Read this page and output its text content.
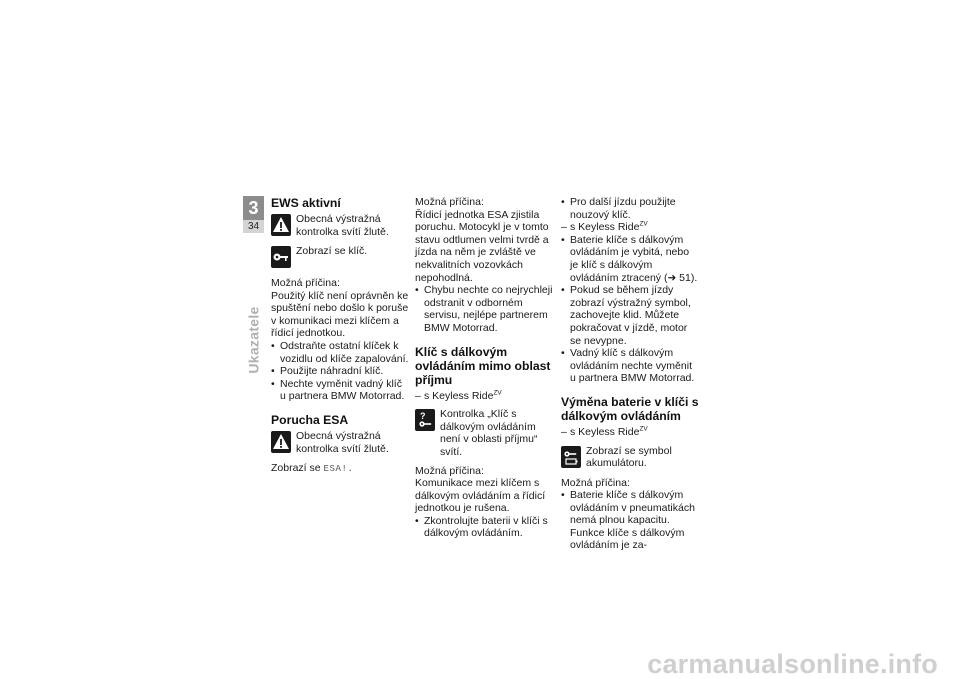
3
34
Ukazatele
EWS aktivní
Obecná výstražná kontrolka svítí žlutě.
Zobrazí se klíč.

Možná příčina:

Použitý klíč není oprávněn ke spuštění nebo došlo k poruše v komunikaci mezi klíčem a řídicí jednotkou.

• Odstraňte ostatní klíček k vozidlu od klíče zapalování.
• Použijte náhradní klíč.
• Nechte vyměnit vadný klíč u partnera BMW Motorrad.
Porucha ESA
Obecná výstražná kontrolka svítí žlutě.

Zobrazí se ESA!.

Možná příčina:

Řídicí jednotka ESA zjistila poruchu. Motocykl je v tomto stavu odtlumen velmi tvrdě a jízda na něm je zvláště ve nekvalitních vozovkách nepohodlná.

• Chybu nechte co nejrychleji odstranit v odborném servisu, nejlépe partnerem BMW Motorrad.
Klíč s dálkovým ovládáním mimo oblast příjmu

– s Keyless Ride$^{ZV}$

? Kontrolka „Klíč s dálkovým ovládáním není v oblasti příjmu“ svítí.

Možná příčina:

Komunikace mezi klíčem s dálkovým ovládáním a řídicí jednotkou je rušena.

• Zkontrolujte baterii v klíči s dálkovým ovládáním.
• Pro další jízdu použijte nouzový klíč.

– s Keyless Ride$^{ZV}$

• Baterie klíče s dálkovým ovládáním je vybitá, nebo je klíč s dálkovým ovládáním ztracený (➜ 51).
• Pokud se během jízdy zobrazí výstražný symbol, zachovejte klid. Můžete pokračovat v jízdě, motor se nevypne.
• Vadný klíč s dálkovým ovládáním nechte vyměnit u partnera BMW Motorrad.
Výměna baterie v klíči s dálkovým ovládáním

– s Keyless Ride$^{ZV}$

Zobrazí se symbol akumulátoru.

Možná příčina:

• Baterie klíče s dálkovým ovládáním v pneumatikách nemá plnou kapacitu. Funkce klíče s dálkovým ovládáním je za-
carmanualsonline.info
